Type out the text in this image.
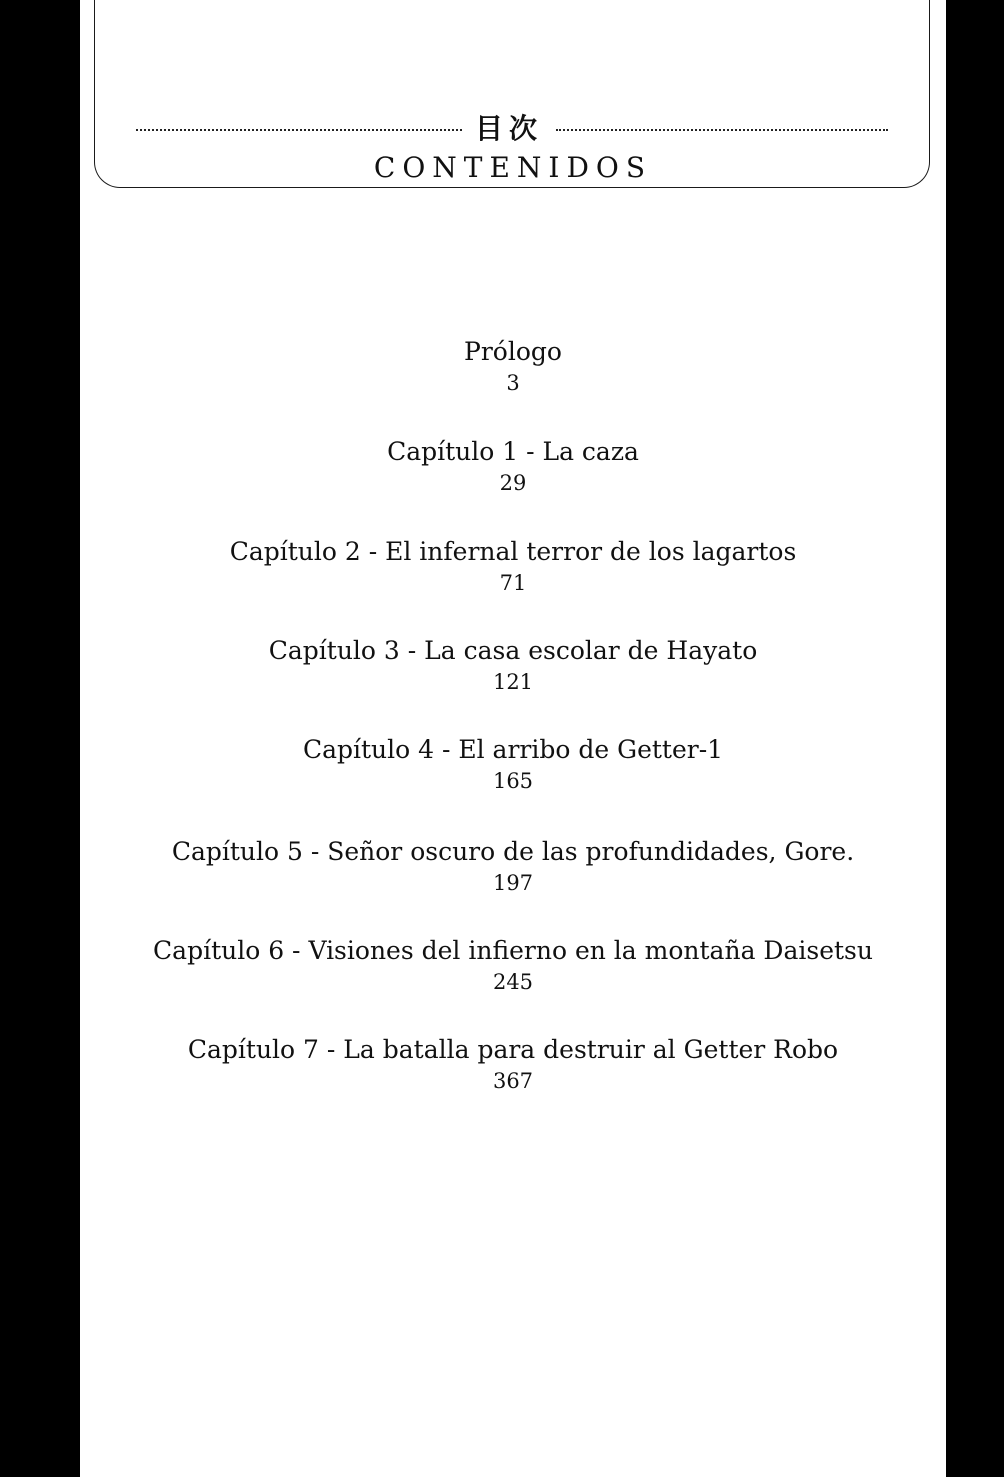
目次
CONTENIDOS
Prólogo
3
Capítulo 1 - La caza
29
Capítulo 2 - El infernal terror de los lagartos
71
Capítulo 3 - La casa escolar de Hayato
121
Capítulo 4 - El arribo de Getter-1
165
Capítulo 5 - Señor oscuro de las profundidades, Gore.
197
Capítulo 6 - Visiones del infierno en la montaña Daisetsu
245
Capítulo 7 - La batalla para destruir al Getter Robo
367
